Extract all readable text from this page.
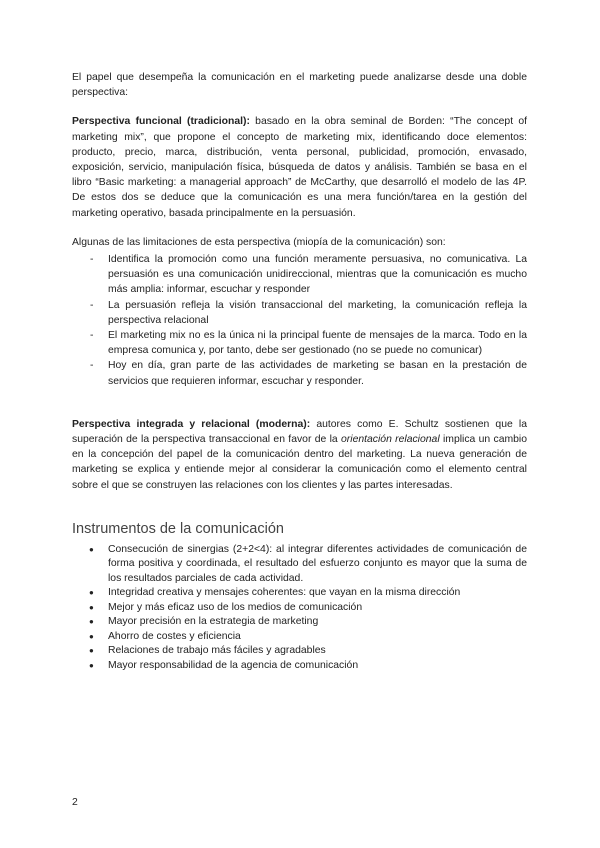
El papel que desempeña la comunicación en el marketing puede analizarse desde una doble perspectiva:

Perspectiva funcional (tradicional): basado en la obra seminal de Borden: “The concept of marketing mix”, que propone el concepto de marketing mix, identificando doce elementos: producto, precio, marca, distribución, venta personal, publicidad, promoción, envasado, exposición, servicio, manipulación física, búsqueda de datos y análisis. También se basa en el libro “Basic marketing: a managerial approach” de McCarthy, que desarrolló el modelo de las 4P. De estos dos se deduce que la comunicación es una mera función/tarea en la gestión del marketing operativo, basada principalmente en la persuasión.

Algunas de las limitaciones de esta perspectiva (miopía de la comunicación) son:

- Identifica la promoción como una función meramente persuasiva, no comunicativa. La persuasión es una comunicación unidireccional, mientras que la comunicación es mucho más amplia: informar, escuchar y responder
- La persuasión refleja la visión transaccional del marketing, la comunicación refleja la perspectiva relacional
- El marketing mix no es la única ni la principal fuente de mensajes de la marca. Todo en la empresa comunica y, por tanto, debe ser gestionado (no se puede no comunicar)
- Hoy en día, gran parte de las actividades de marketing se basan en la prestación de servicios que requieren informar, escuchar y responder.

Perspectiva integrada y relacional (moderna): autores como E. Schultz sostienen que la superación de la perspectiva transaccional en favor de la orientación relacional implica un cambio en la concepción del papel de la comunicación dentro del marketing. La nueva generación de marketing se explica y entiende mejor al considerar la comunicación como el elemento central sobre el que se construyen las relaciones con los clientes y las partes interesadas.

Instrumentos de la comunicación
● Consecución de sinergias (2+2<4): al integrar diferentes actividades de comunicación de forma positiva y coordinada, el resultado del esfuerzo conjunto es mayor que la suma de los resultados parciales de cada actividad.
● Integridad creativa y mensajes coherentes: que vayan en la misma dirección
● Mejor y más eficaz uso de los medios de comunicación
● Mayor precisión en la estrategia de marketing
● Ahorro de costes y eficiencia
● Relaciones de trabajo más fáciles y agradables
● Mayor responsabilidad de la agencia de comunicación
2
